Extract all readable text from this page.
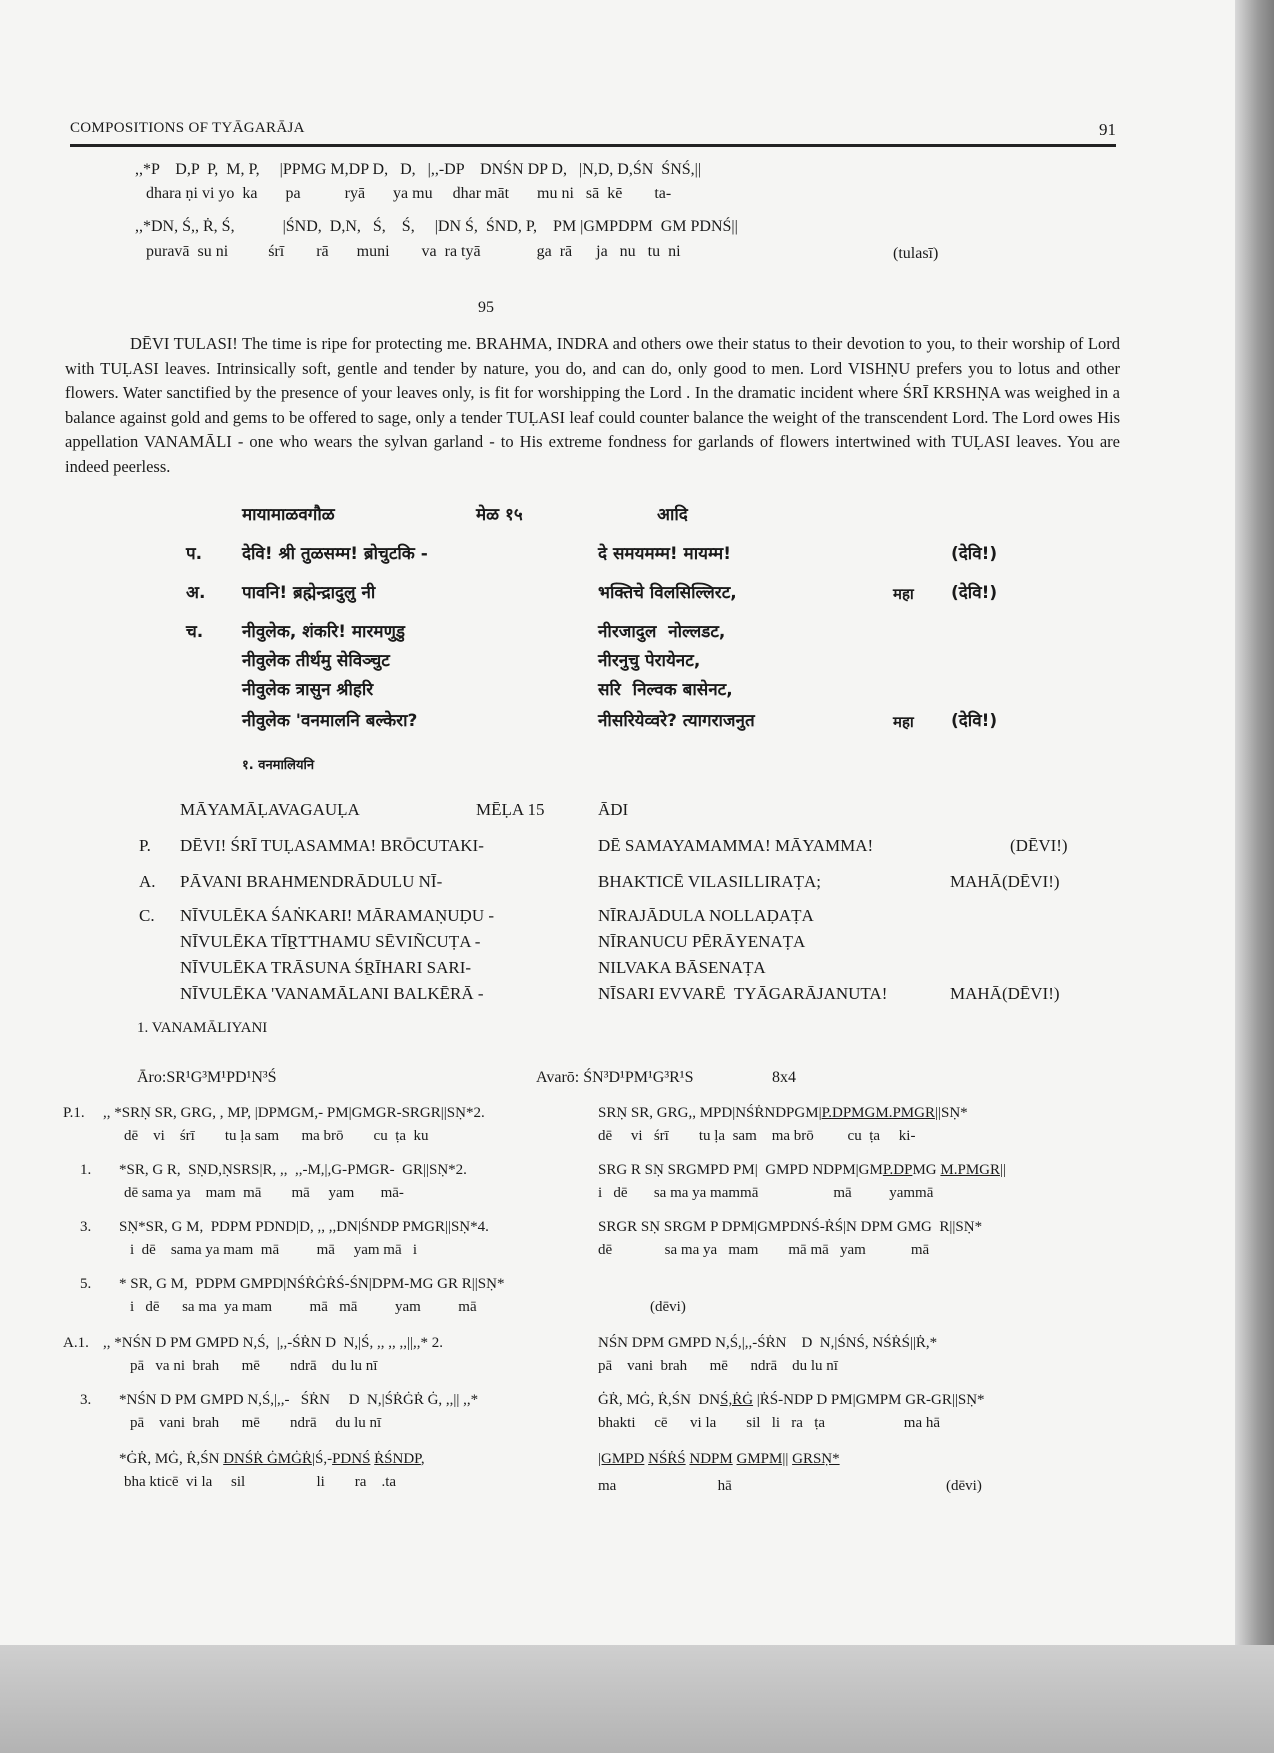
COMPOSITIONS OF TYĀGARĀJA	91
,,*P    D,P  P,  M, P,     |PPMG M,DP D,   D,   |,,-DP    DNŚN DP D,   |N,D, D,ŚN  ŚNŚ,||
dhara ṇi vi yo  ka       pa           ryā       ya mu     dhar māt       mu ni   sā  kē        ta-
,,*DN, Ś,, Ṙ, Ś,            |ŚND,  D,N,   Ś,    Ś,     |DN Ś,  ŚND, P,    PM |GMPDPM  GM PDNŚ||
puravā  su ni          śrī        rā       muni        va  ra tyā              ga  rā      ja   nu   tu  ni	(tulasī)
95

DĒVI TULASI! The time is ripe for protecting me. BRAHMA, INDRA and others owe their status to their devotion to you, to their worship of Lord with TUḶASI leaves. Intrinsically soft, gentle and tender by nature, you do, and can do, only good to men. Lord VISHṆU prefers you to lotus and other flowers. Water sanctified by the presence of your leaves only, is fit for worshipping the Lord . In the dramatic incident where ŚRĪ KRSHṆA was weighed in a balance against gold and gems to be offered to sage, only a tender TUḶASI leaf could counter balance the weight of the transcendent Lord. The Lord owes His appellation VANAMĀLI - one who wears the sylvan garland - to His extreme fondness for garlands of flowers intertwined with TUḶASI leaves. You are indeed peerless.

मायामाळवगौळ	मेळ १५	आदि
प. देवि! श्री तुळसम्म! ब्रोचुटकि -	दे समयमम्म! मायम्म!	(देवि!)
अ. पावनि! ब्रह्मेन्द्रादुलु नी	भक्तिचे विलसिल्लिरट,	महा (देवि!)
च. नीवुलेक, शंकरि! मारमणुडु	नीरजादुल  नोल्लडट,
नीवुलेक तीर्थमु सेविञ्चुट	नीरनुचु पेरायेनट,
नीवुलेक त्रासुन श्रीहरि	सरि  निल्वक बासेनट,
नीवुलेक 'वनमालनि बल्केरा?	नीसरियेव्वरे? त्यागराजनुत	महा (देवि!)
१. वनमालियनि
MĀYAMĀḶAVAGAUḶA	MĒḶA 15	ĀDI
P. DĒVI! ŚRĪ TUḶASAMMA! BRŌCUTAKI-	DĒ SAMAYAMAMMA! MĀYAMMA!	(DĒVI!)
A. PĀVANI BRAHMENDRĀDULU NĪ-	BHAKTICĒ VILASILLIRAṬA;	MAHĀ(DĒVI!)
C. NĪVULĒKA ŚAṄKARI! MĀRAMAṆUḌU -	NĪRAJĀDULA NOLLAḌAṬA
NĪVULĒKA TĪṞTTHAMU SĒVIÑCUṬA -	NĪRANUCU PĒRĀYENAṬA
NĪVULĒKA TRĀSUNA ŚṞĪHARI SARI-	NILVAKA BĀSENAṬA
NĪVULĒKA 'VANAMĀLANI BALKĒRĀ -	NĪSARI EVVARĒ  TYĀGARĀJANUTA!	MAHĀ(DĒVI!)
1. VANAMĀLIYANI
Āro:SR¹G³M¹PD¹N³Ś	Avarō: ŚN³D¹PM¹G³R¹S	8x4
P.1. ,, *SRṆ SR, GRG, , MP, |DPMGM,- PM|GMGR-SRGR||SṆ*2.	SRṆ SR, GRG,, MPD|NŚṘNDPGM|P.DPMGM.PMGR||SṆ*
dē    vi    śrī        tu ḷa sam      ma brō        cu  ṭa  ku	dē     vi   śrī        tu ḷa  sam    ma brō         cu  ṭa     ki-
1. *SR, G R,  SṆD,ṆSRS|R, ,,  ,,-M,|,G-PMGR-  GR||SṆ*2.	SRG R SṆ SRGMPD PM|  GMPD NDPM|GMP.DPMG M.PMGR||
dē sama ya    mam  mā        mā     yam       mā-	i   dē       sa ma ya mammā                    mā          yammā
3. SṆ*SR, G M,  PDPM PDND|D, ,, ,,DN|ŚNDP PMGR||SṆ*4.	SRGR SṆ SRGM P DPM|GMPDNŚ-ṘŚ|N DPM GMG  R||SṆ*
i  dē    sama ya mam  mā          mā     yam mā   i	dē              sa ma ya   mam        mā mā   yam            mā
5. * SR, G M,  PDPM GMPD|NŚṘĠṘŚ-ŚN|DPM-MG GR R||SṆ*
i   dē      sa ma  ya mam          mā   mā          yam          mā	(dēvi)
A.1. ,, *NŚN D PM GMPD N,Ś,  |,,-ŚṘN D  N,|Ś, ,, ,, ,,||,,* 2.	NŚN DPM GMPD N,Ś,|,,-ŚṘN    D  N,|ŚNŚ, NŚṘŚ||Ṙ,*
pā   va ni  brah      mē        ndrā    du lu nī	pā    vani  brah      mē      ndrā    du lu nī
3. *NŚN D PM GMPD N,Ś,|,,-   ŚṘN     D  N,|ŚṘĠṘ Ġ, ,,|| ,,*	ĠṘ, MĠ, Ṙ,ŚN  DNŚ,ṘĠ |ṘŚ-NDP D PM|GMPM GR-GR||SṆ*
pā    vani  brah      mē        ndrā     du lu nī	bhakti     cē      vi la        sil   li   ra   ṭa                     ma hā
*ĠṘ, MĠ, Ṙ,ŚN DNŚṘ ĠMĠṘ|Ś,-PDNŚ ṘŚNDP,	|GMPD NŚṘŚ NDPM GMPM|| GRSṆ*
bha kticē  vi la     sil                   li        ra    .ta	ma                           hā	(dēvi)
